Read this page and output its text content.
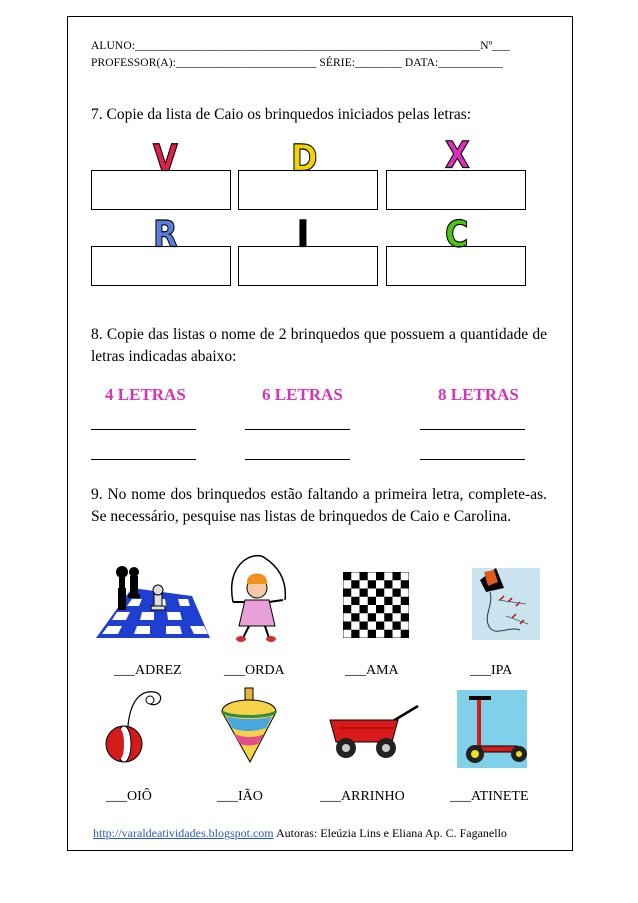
ALUNO:___________________________________________________________Nº___
PROFESSOR(A):________________________ SÉRIE:________ DATA:___________
7. Copie da lista de Caio os brinquedos iniciados pelas letras:
V	D	X
R	I	C
8. Copie das listas o nome de 2 brinquedos que possuem a quantidade de letras indicadas abaixo:
4 LETRAS	6 LETRAS	8 LETRAS
9. No nome dos brinquedos estão faltando a primeira letra, complete-as. Se necessário, pesquise nas listas de brinquedos de Caio e Carolina.
___ADREZ	___ORDA	___AMA	___IPA
___OIÔ	___IÃO	___ARRINHO	___ATINETE
http://varaldeatividades.blogspot.com Autoras: Eleúzia Lins e Eliana Ap. C. Faganello
